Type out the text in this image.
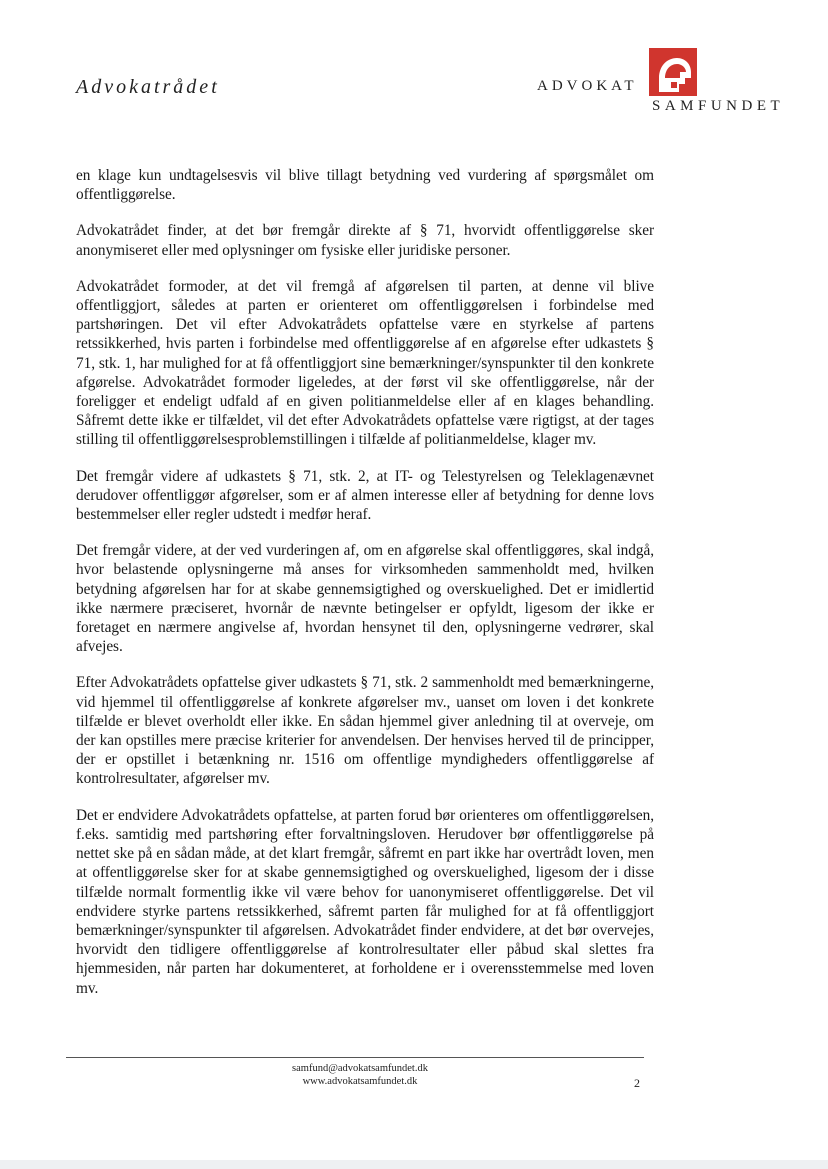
Advokatrådet	ADVOKAT
SAMFUNDET

en klage kun undtagelsesvis vil blive tillagt betydning ved vurdering af spørgsmålet om offentliggørelse.

Advokatrådet finder, at det bør fremgår direkte af § 71, hvorvidt offentliggørelse sker anonymiseret eller med oplysninger om fysiske eller juridiske personer.

Advokatrådet formoder, at det vil fremgå af afgørelsen til parten, at denne vil blive offentliggjort, således at parten er orienteret om offentliggørelsen i forbindelse med partshøringen. Det vil efter Advokatrådets opfattelse være en styrkelse af partens retssikkerhed, hvis parten i forbindelse med offentliggørelse af en afgørelse efter udkastets § 71, stk. 1, har mulighed for at få offentliggjort sine bemærkninger/synspunkter til den konkrete afgørelse. Advokatrådet formoder ligeledes, at der først vil ske offentliggørelse, når der foreligger et endeligt udfald af en given politianmeldelse eller af en klages behandling. Såfremt dette ikke er tilfældet, vil det efter Advokatrådets opfattelse være rigtigst, at der tages stilling til offentliggørelsesproblemstillingen i tilfælde af politianmeldelse, klager mv.

Det fremgår videre af udkastets § 71, stk. 2, at IT- og Telestyrelsen og Teleklagenævnet derudover offentliggør afgørelser, som er af almen interesse eller af betydning for denne lovs bestemmelser eller regler udstedt i medfør heraf.

Det fremgår videre, at der ved vurderingen af, om en afgørelse skal offentliggøres, skal indgå, hvor belastende oplysningerne må anses for virksomheden sammenholdt med, hvilken betydning afgørelsen har for at skabe gennemsigtighed og overskuelighed. Det er imidlertid ikke nærmere præciseret, hvornår de nævnte betingelser er opfyldt, ligesom der ikke er foretaget en nærmere angivelse af, hvordan hensynet til den, oplysningerne vedrører, skal afvejes.

Efter Advokatrådets opfattelse giver udkastets § 71, stk. 2 sammenholdt med bemærkningerne, vid hjemmel til offentliggørelse af konkrete afgørelser mv., uanset om loven i det konkrete tilfælde er blevet overholdt eller ikke. En sådan hjemmel giver anledning til at overveje, om der kan opstilles mere præcise kriterier for anvendelsen. Der henvises herved til de principper, der er opstillet i betænkning nr. 1516 om offentlige myndigheders offentliggørelse af kontrolresultater, afgørelser mv.

Det er endvidere Advokatrådets opfattelse, at parten forud bør orienteres om offentliggørelsen, f.eks. samtidig med partshøring efter forvaltningsloven. Herudover bør offentliggørelse på nettet ske på en sådan måde, at det klart fremgår, såfremt en part ikke har overtrådt loven, men at offentliggørelse sker for at skabe gennemsigtighed og overskuelighed, ligesom der i disse tilfælde normalt formentlig ikke vil være behov for uanonymiseret offentliggørelse. Det vil endvidere styrke partens retssikkerhed, såfremt parten får mulighed for at få offentliggjort bemærkninger/synspunkter til afgørelsen. Advokatrådet finder endvidere, at det bør overvejes, hvorvidt den tidligere offentliggørelse af kontrolresultater eller påbud skal slettes fra hjemmesiden, når parten har dokumenteret, at forholdene er i overensstemmelse med loven mv.

samfund@advokatsamfundet.dk
www.advokatsamfundet.dk	2
